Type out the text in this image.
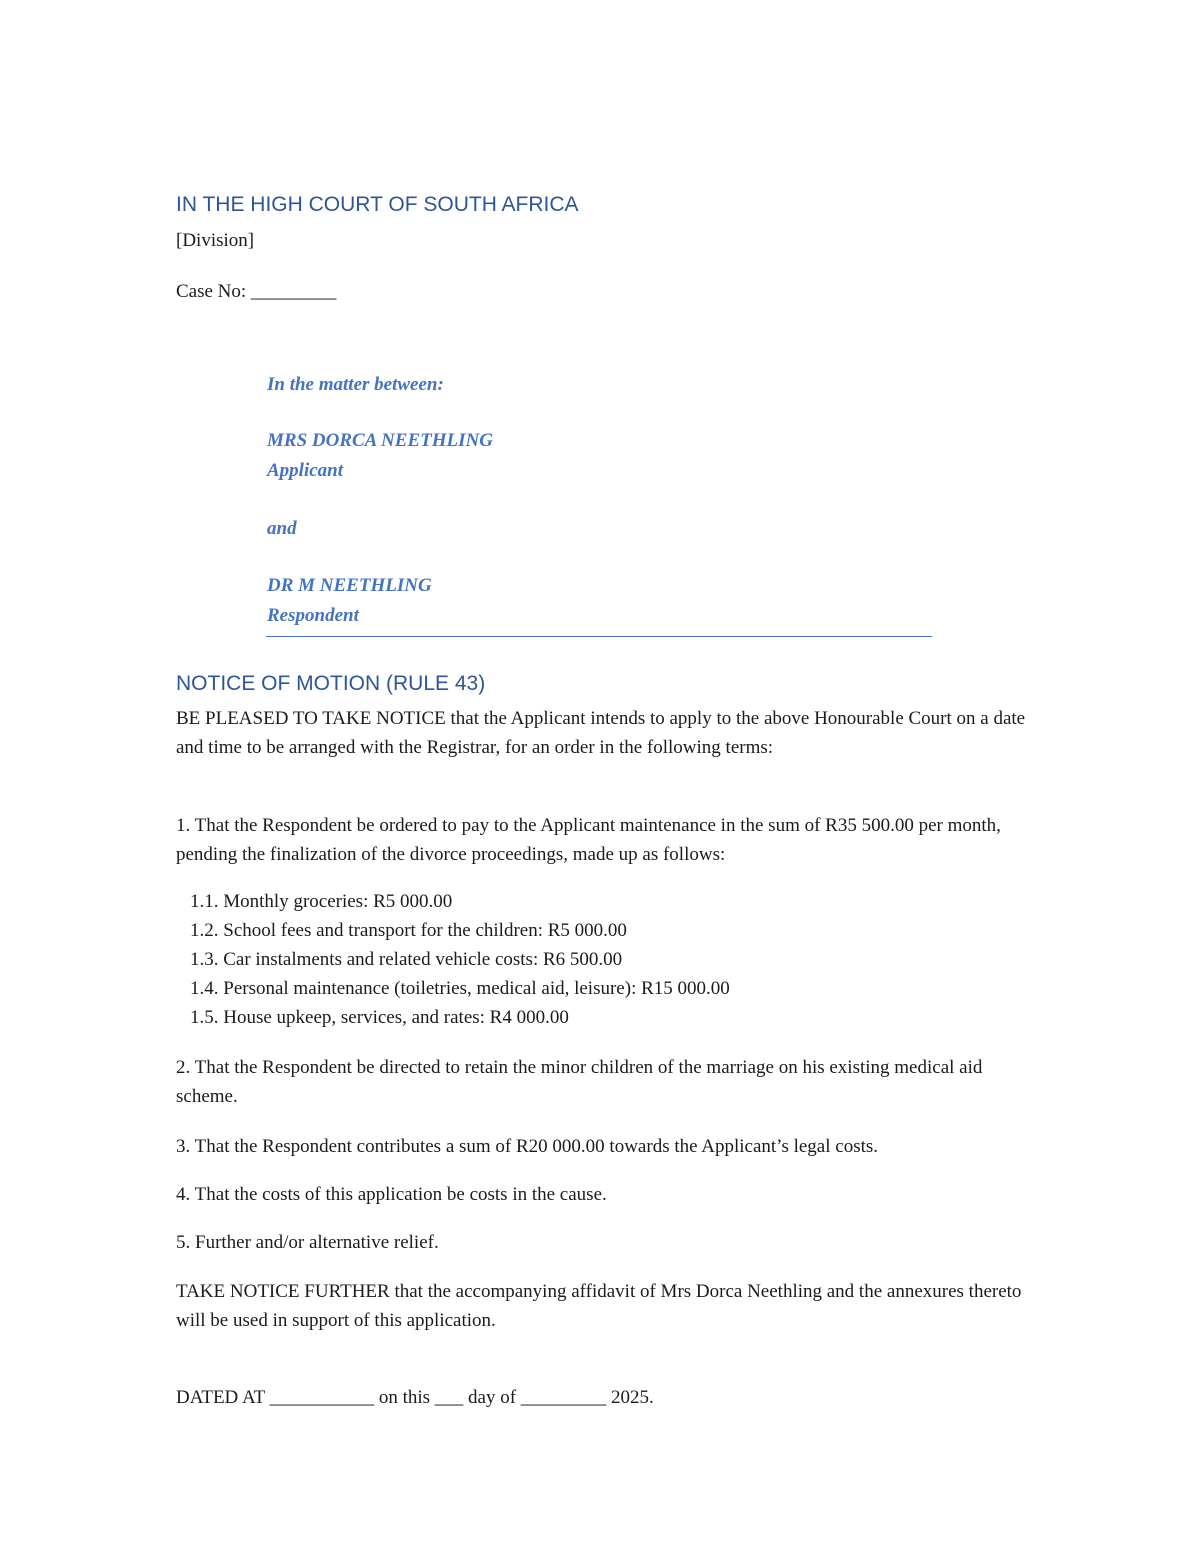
IN THE HIGH COURT OF SOUTH AFRICA

[Division]

Case No: _________

In the matter between:

MRS DORCA NEETHLING

Applicant

and

DR M NEETHLING

Respondent

NOTICE OF MOTION (RULE 43)

BE PLEASED TO TAKE NOTICE that the Applicant intends to apply to the above Honourable Court on a date and time to be arranged with the Registrar, for an order in the following terms:

1. That the Respondent be ordered to pay to the Applicant maintenance in the sum of R35 500.00 per month, pending the finalization of the divorce proceedings, made up as follows:

1.1. Monthly groceries: R5 000.00

1.2. School fees and transport for the children: R5 000.00

1.3. Car instalments and related vehicle costs: R6 500.00

1.4. Personal maintenance (toiletries, medical aid, leisure): R15 000.00

1.5. House upkeep, services, and rates: R4 000.00

2. That the Respondent be directed to retain the minor children of the marriage on his existing medical aid scheme.

3. That the Respondent contributes a sum of R20 000.00 towards the Applicant’s legal costs.

4. That the costs of this application be costs in the cause.

5. Further and/or alternative relief.

TAKE NOTICE FURTHER that the accompanying affidavit of Mrs Dorca Neethling and the annexures thereto will be used in support of this application.

DATED AT ___________ on this ___ day of _________ 2025.
